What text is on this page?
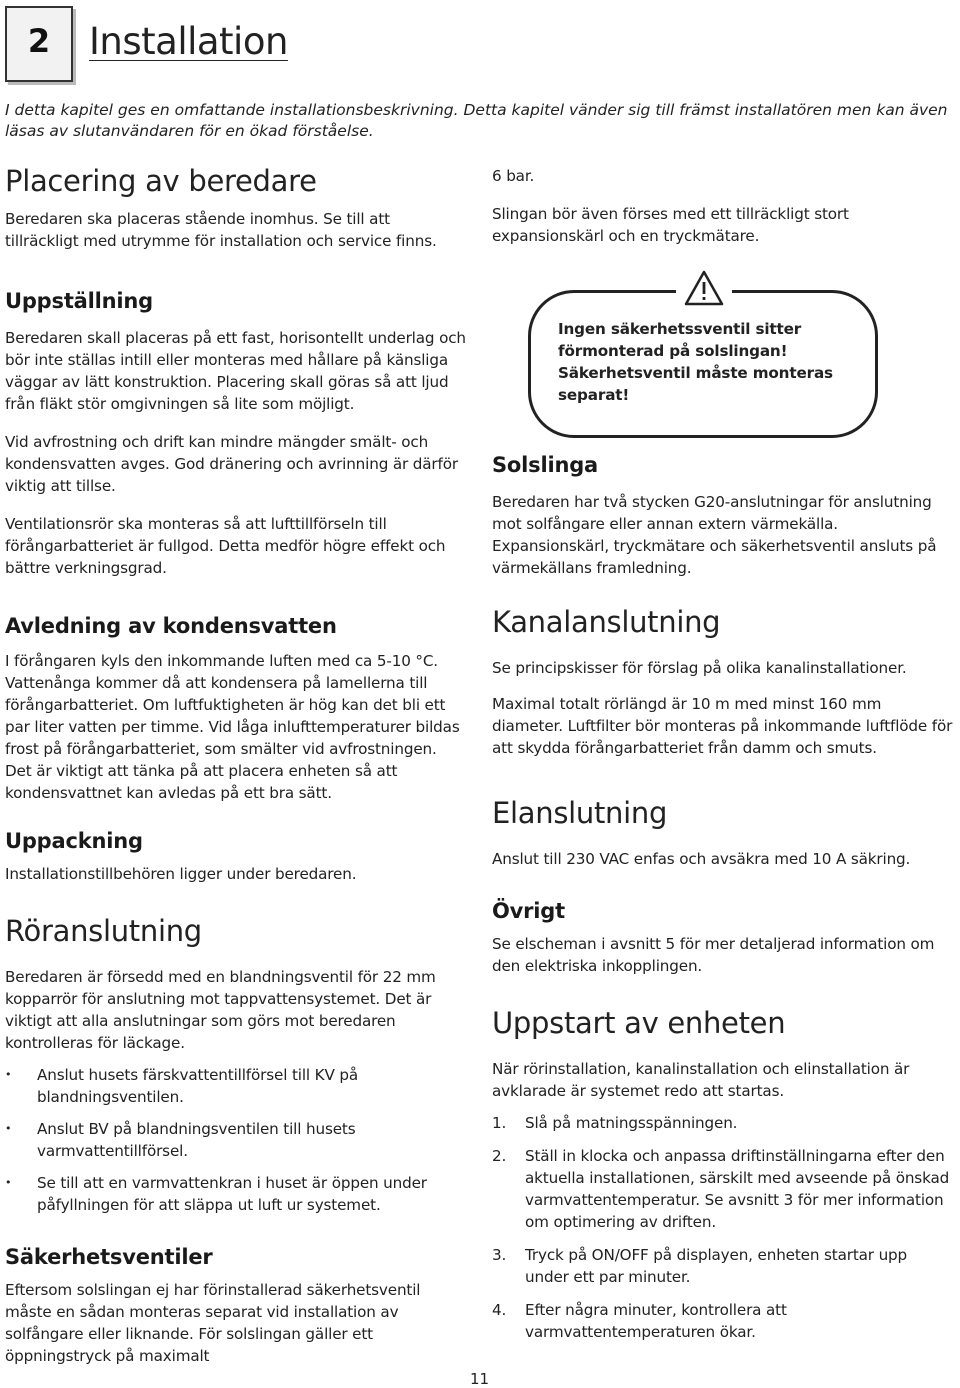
2	Installation
I detta kapitel ges en omfattande installationsbeskrivning. Detta kapitel vänder sig till främst installatören men kan även läsas av slutanvändaren för en ökad förståelse.
Placering av beredare

Beredaren ska placeras stående inomhus. Se till att tillräckligt med utrymme för installation och service finns.

Uppställning

Beredaren skall placeras på ett fast, horisontellt underlag och bör inte ställas intill eller monteras med hållare på känsliga väggar av lätt konstruktion. Placering skall göras så att ljud från fläkt stör omgivningen så lite som möjligt.

Vid avfrostning och drift kan mindre mängder smält- och kondensvatten avges. God dränering och avrinning är därför viktig att tillse.

Ventilationsrör ska monteras så att lufttillförseln till förångarbatteriet är fullgod. Detta medför högre effekt och bättre verkningsgrad.

Avledning av kondensvatten

I förångaren kyls den inkommande luften med ca 5-10 °C. Vattenånga kommer då att kondensera på lamellerna till förångarbatteriet. Om luftfuktigheten är hög kan det bli ett par liter vatten per timme. Vid låga inlufttemperaturer bildas frost på förångarbatteriet, som smälter vid avfrostningen. Det är viktigt att tänka på att placera enheten så att kondensvattnet kan avledas på ett bra sätt.

Uppackning

Installationstillbehören ligger under beredaren.

Röranslutning

Beredaren är försedd med en blandningsventil för 22 mm kopparrör för anslutning mot tappvattensystemet. Det är viktigt att alla anslutningar som görs mot beredaren kontrolleras för läckage.

• Anslut husets färskvattentillförsel till KV på blandningsventilen.
• Anslut BV på blandningsventilen till husets varmvattentillförsel.
• Se till att en varmvattenkran i huset är öppen under påfyllningen för att släppa ut luft ur systemet.
Säkerhetsventiler

Eftersom solslingan ej har förinstallerad säkerhetsventil måste en sådan monteras separat vid installation av solfångare eller liknande. För solslingan gäller ett öppningstryck på maximalt

6 bar.

Slingan bör även förses med ett tillräckligt stort expansionskärl och en tryckmätare.

Ingen säkerhetssventil sitter förmonterad på solslingan! Säkerhetsventil måste monteras separat!
Solslinga

Beredaren har två stycken G20-anslutningar för anslutning mot solfångare eller annan extern värmekälla. Expansionskärl, tryckmätare och säkerhetsventil ansluts på värmekällans framledning.

Kanalanslutning

Se principskisser för förslag på olika kanalinstallationer.

Maximal totalt rörlängd är 10 m med minst 160 mm diameter. Luftfilter bör monteras på inkommande luftflöde för att skydda förångarbatteriet från damm och smuts.

Elanslutning

Anslut till 230 VAC enfas och avsäkra med 10 A säkring.

Övrigt

Se elscheman i avsnitt 5 för mer detaljerad information om den elektriska inkopplingen.

Uppstart av enheten

När rörinstallation, kanalinstallation och elinstallation är avklarade är systemet redo att startas.

1. Slå på matningsspänningen.
2. Ställ in klocka och anpassa driftinställningarna efter den aktuella installationen, särskilt med avseende på önskad varmvattentemperatur. Se avsnitt 3 för mer information om optimering av driften.
3. Tryck på ON/OFF på displayen, enheten startar upp under ett par minuter.
4. Efter några minuter, kontrollera att varmvattentemperaturen ökar.
11
